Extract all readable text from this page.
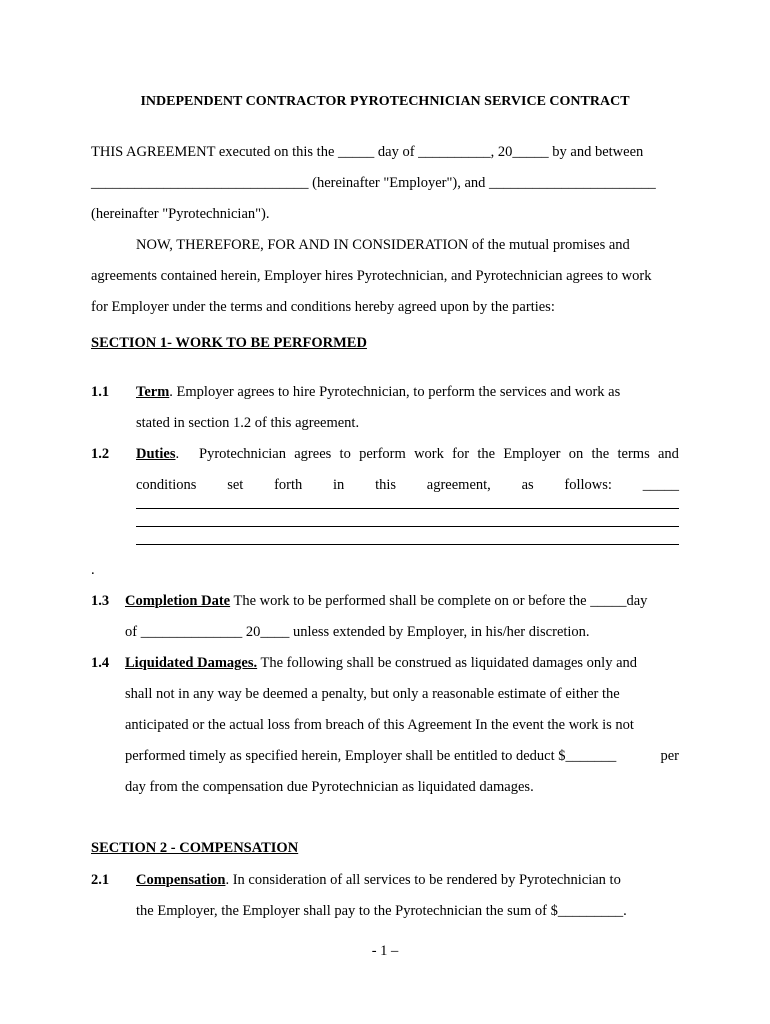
INDEPENDENT CONTRACTOR PYROTECHNICIAN SERVICE CONTRACT
THIS AGREEMENT executed on this the _____ day of __________, 20_____ by and between
______________________________ (hereinafter "Employer"), and _______________________
(hereinafter "Pyrotechnician").
NOW, THEREFORE, FOR AND IN CONSIDERATION of the mutual promises and
agreements contained herein, Employer hires Pyrotechnician, and Pyrotechnician agrees to work
for Employer under the terms and conditions hereby agreed upon by the parties:
SECTION 1- WORK TO BE PERFORMED
1.1 Term. Employer agrees to hire Pyrotechnician, to perform the services and work as
stated in section 1.2 of this agreement.
1.2 Duties. Pyrotechnician agrees to perform work for the Employer on the terms and
conditions set forth in this agreement, as follows: _____
.
1.3 Completion Date The work to be performed shall be complete on or before the _____day
of ______________ 20____ unless extended by Employer, in his/her discretion.
1.4 Liquidated Damages. The following shall be construed as liquidated damages only and
shall not in any way be deemed a penalty, but only a reasonable estimate of either the
anticipated or the actual loss from breach of this Agreement In the event the work is not
performed timely as specified herein, Employer shall be entitled to deduct $_______	per
day from the compensation due Pyrotechnician as liquidated damages.
SECTION 2 - COMPENSATION
2.1 Compensation. In consideration of all services to be rendered by Pyrotechnician to
the Employer, the Employer shall pay to the Pyrotechnician the sum of $_________.
- 1 –
